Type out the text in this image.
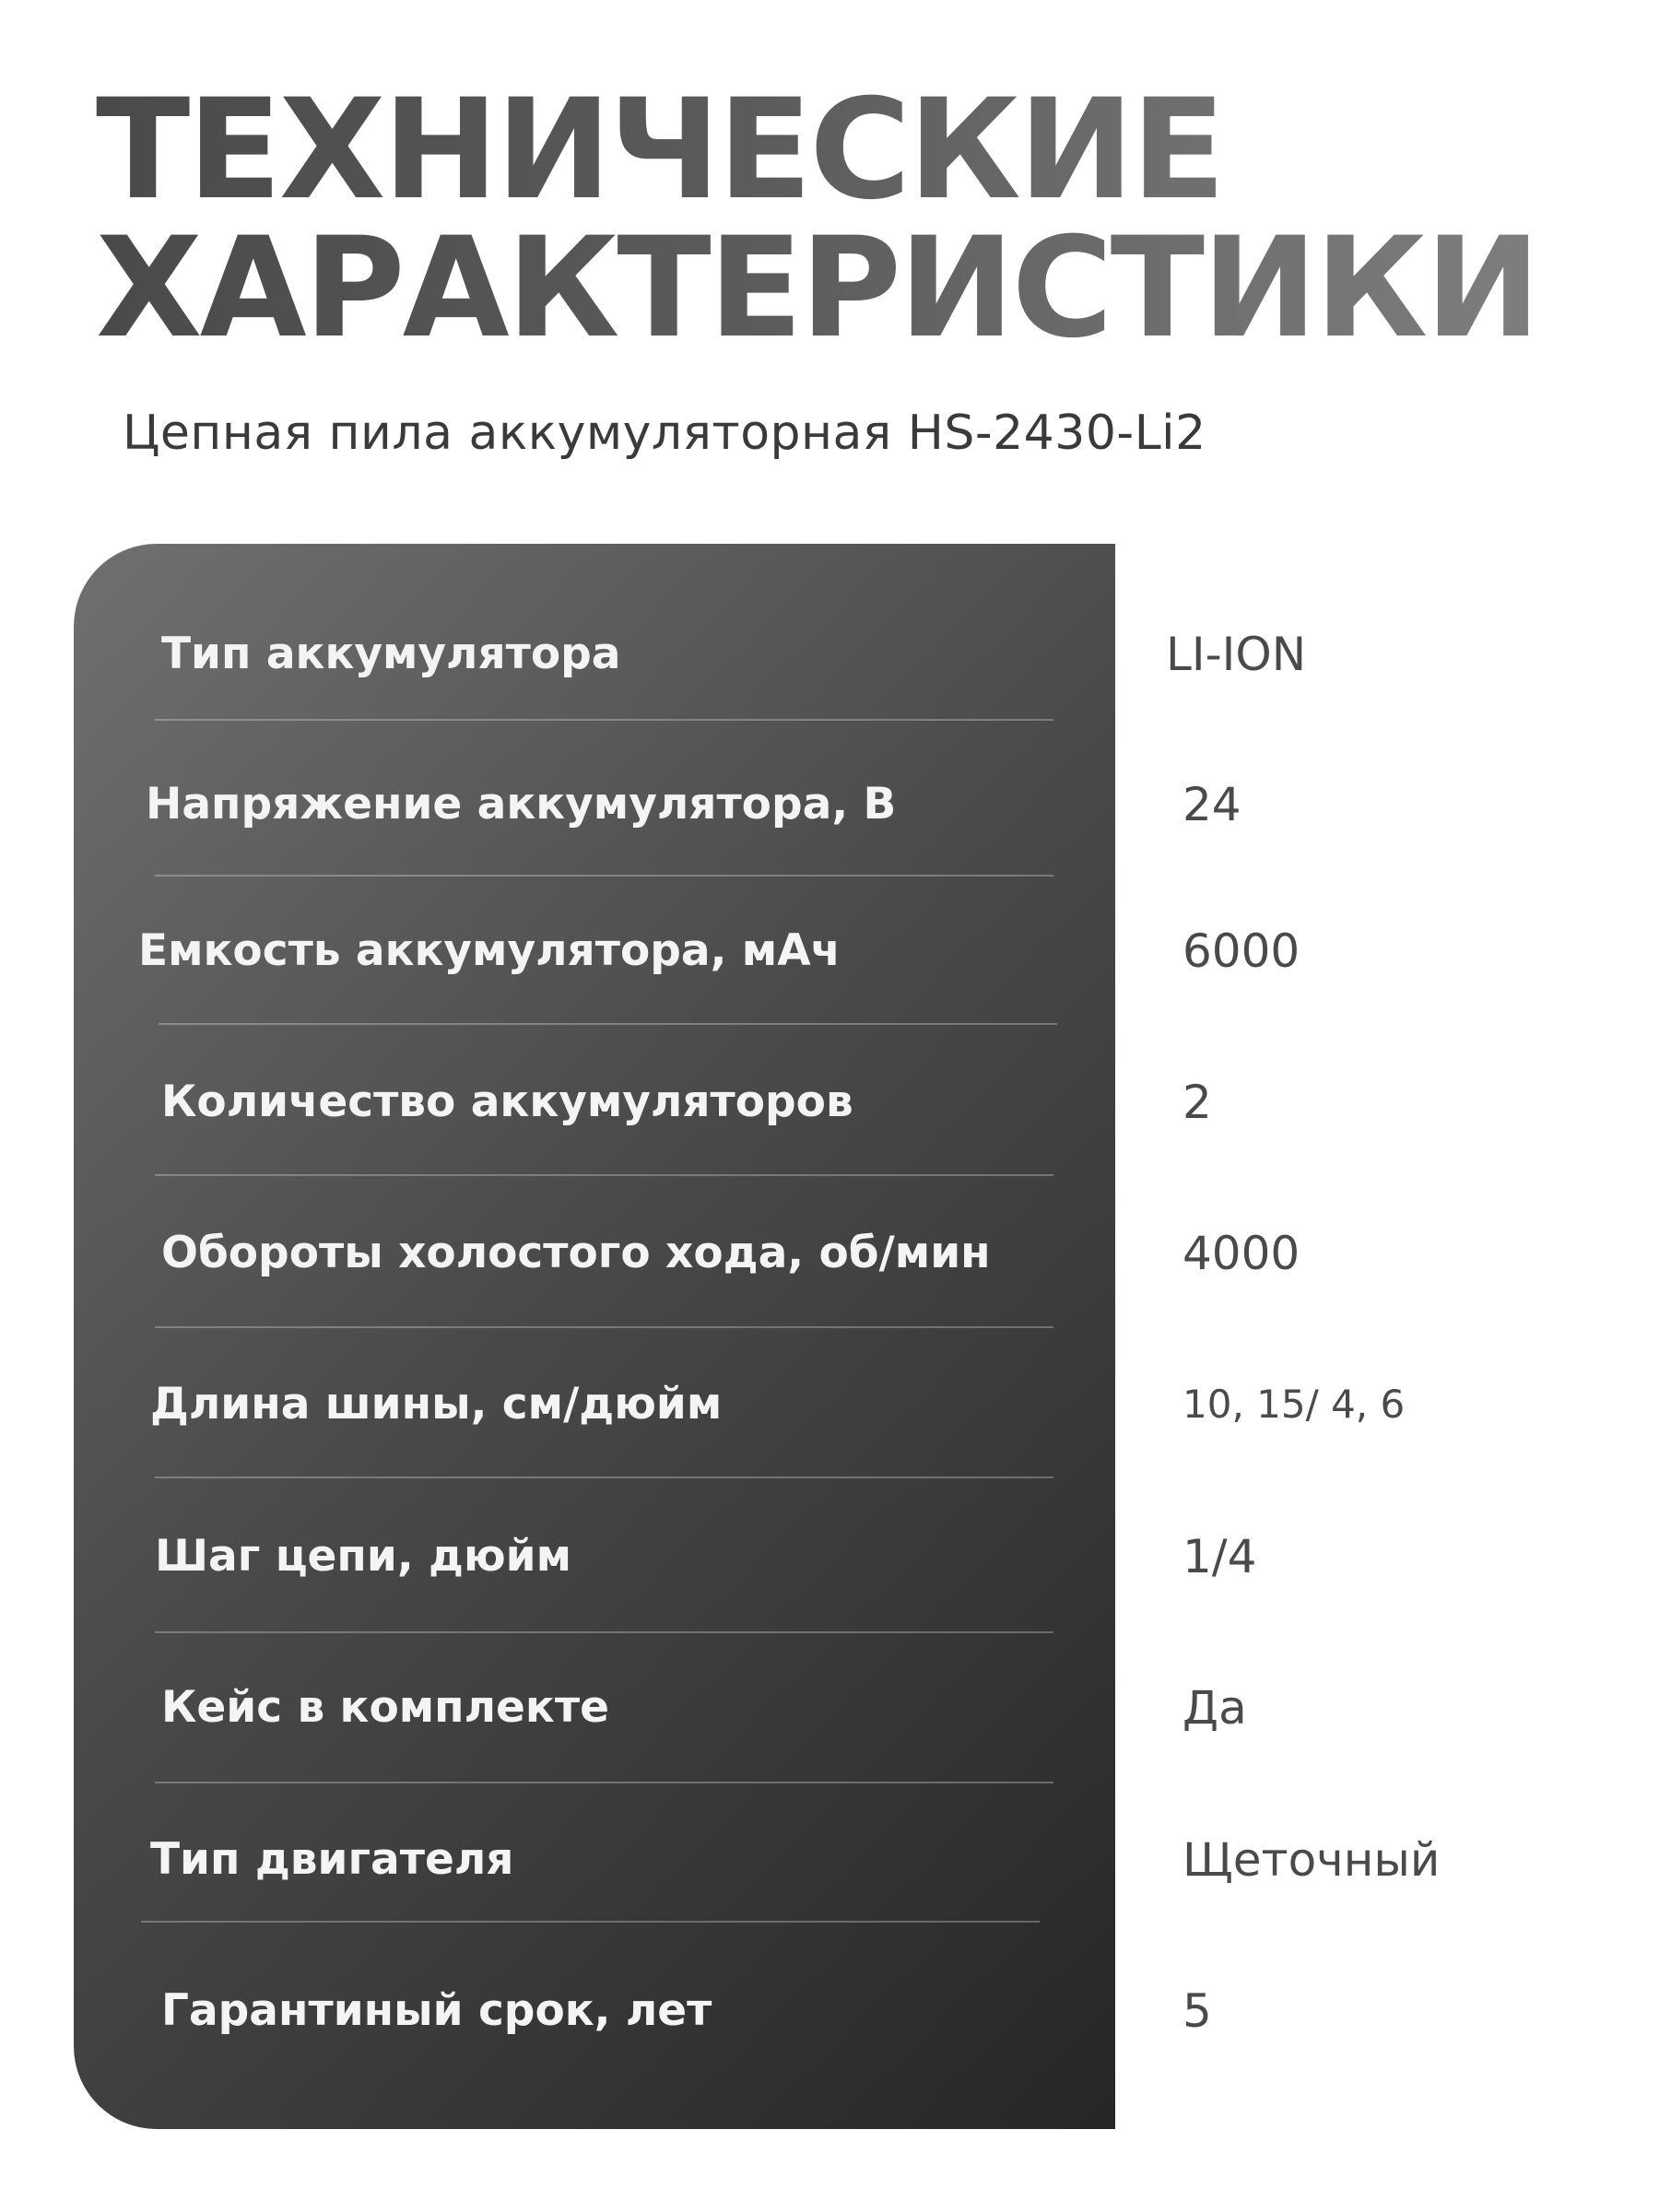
ТЕХНИЧЕСКИЕ
ХАРАКТЕРИСТИКИ
Цепная пила аккумуляторная HS-2430-Li2
Тип аккумулятора	LI-ION
Напряжение аккумулятора, В	24
Емкость аккумулятора, мАч	6000
Количество аккумуляторов	2
Обороты холостого хода, об/мин	4000
Длина шины, см/дюйм	10, 15/ 4, 6
Шаг цепи, дюйм	1/4
Кейс в комплекте	Да
Тип двигателя	Щеточный
Гарантиный срок, лет	5
